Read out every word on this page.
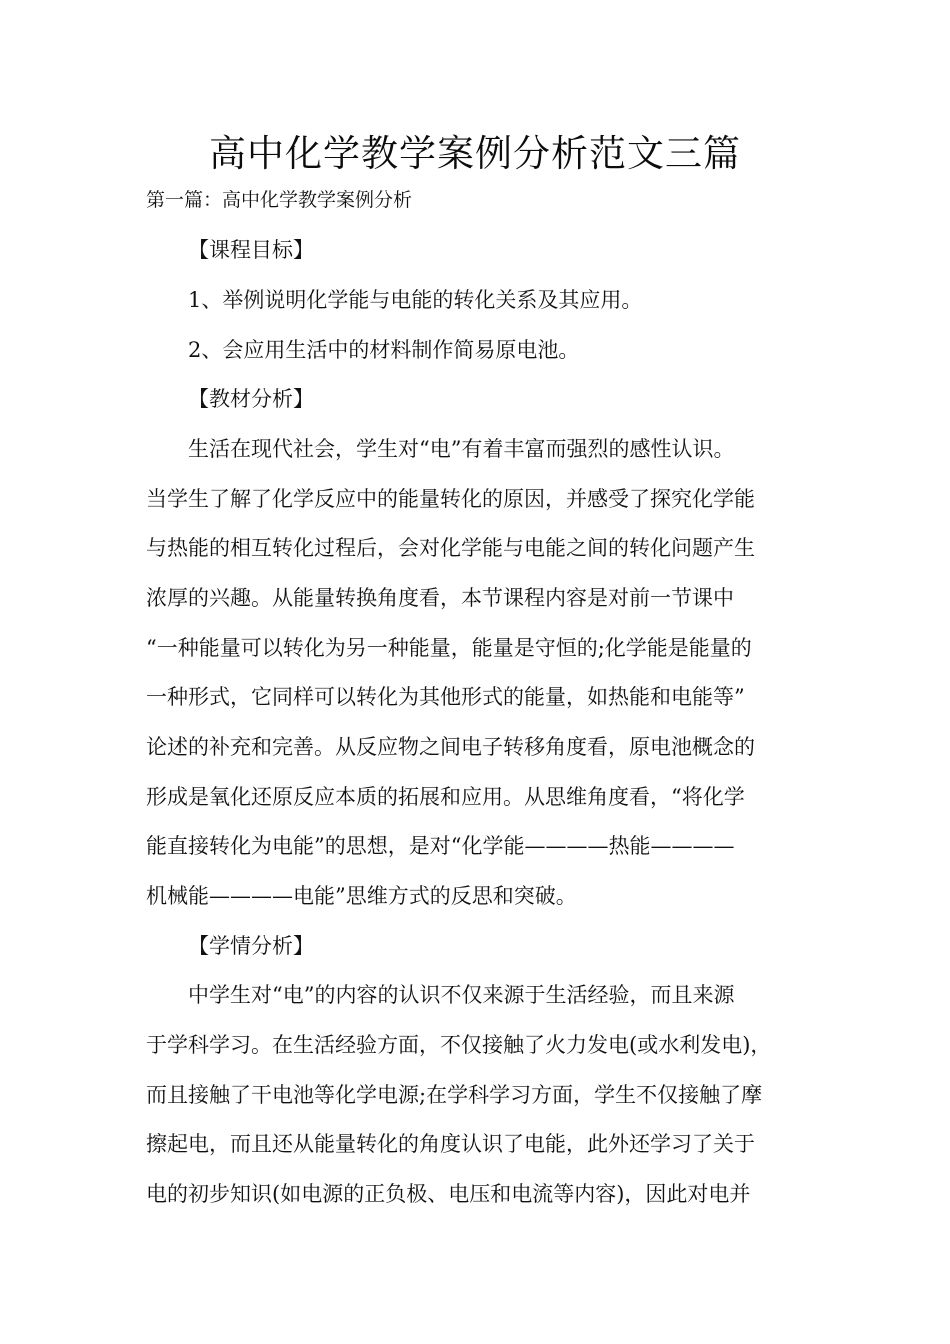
高中化学教学案例分析范文三篇
第一篇：高中化学教学案例分析
【课程目标】
1、举例说明化学能与电能的转化关系及其应用。
2、会应用生活中的材料制作简易原电池。
【教材分析】
生活在现代社会，学生对“电”有着丰富而强烈的感性认识。
当学生了解了化学反应中的能量转化的原因，并感受了探究化学能
与热能的相互转化过程后，会对化学能与电能之间的转化问题产生
浓厚的兴趣。从能量转换角度看，本节课程内容是对前一节课中
“一种能量可以转化为另一种能量，能量是守恒的;化学能是能量的
一种形式，它同样可以转化为其他形式的能量，如热能和电能等”
论述的补充和完善。从反应物之间电子转移角度看，原电池概念的
形成是氧化还原反应本质的拓展和应用。从思维角度看，“将化学
能直接转化为电能”的思想，是对“化学能————热能————
机械能————电能”思维方式的反思和突破。
【学情分析】
中学生对“电”的内容的认识不仅来源于生活经验，而且来源
于学科学习。在生活经验方面，不仅接触了火力发电(或水利发电)，
而且接触了干电池等化学电源;在学科学习方面，学生不仅接触了摩
擦起电，而且还从能量转化的角度认识了电能，此外还学习了关于
电的初步知识(如电源的正负极、电压和电流等内容)，因此对电并
